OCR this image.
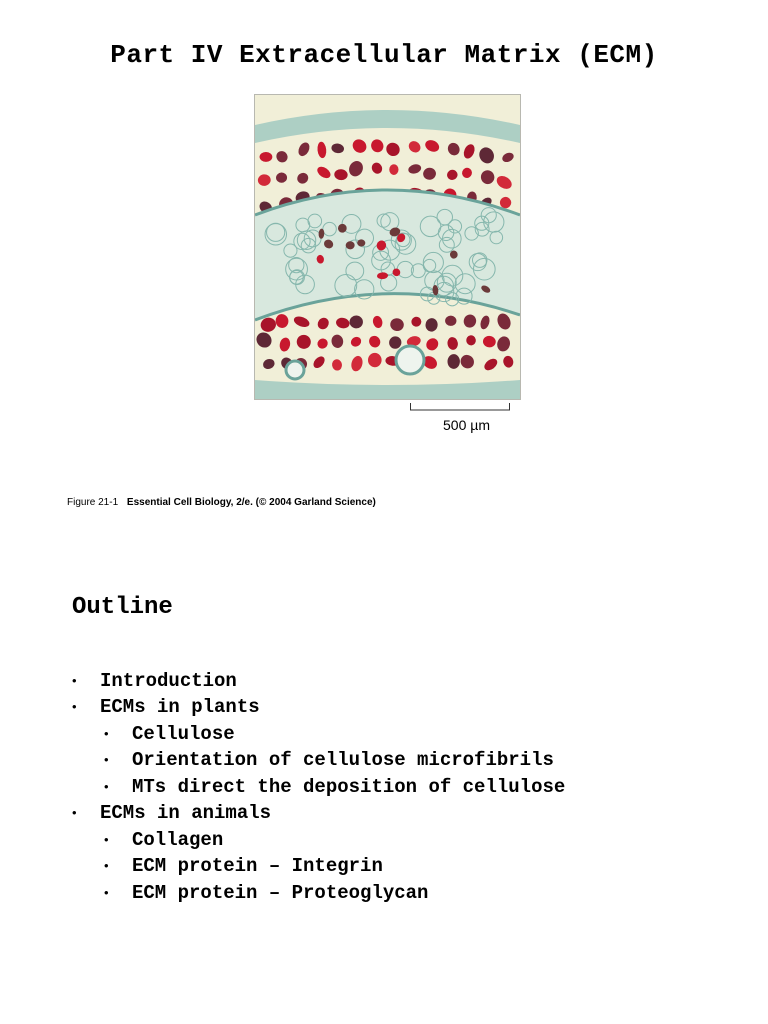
Part IV Extracellular Matrix (ECM)
500 µm
Figure 21-1 Essential Cell Biology, 2/e. (© 2004 Garland Science)
Outline
• Introduction
• ECMs in plants
• Cellulose
• Orientation of cellulose microfibrils
• MTs direct the deposition of cellulose
• ECMs in animals
• Collagen
• ECM protein – Integrin
• ECM protein – Proteoglycan
